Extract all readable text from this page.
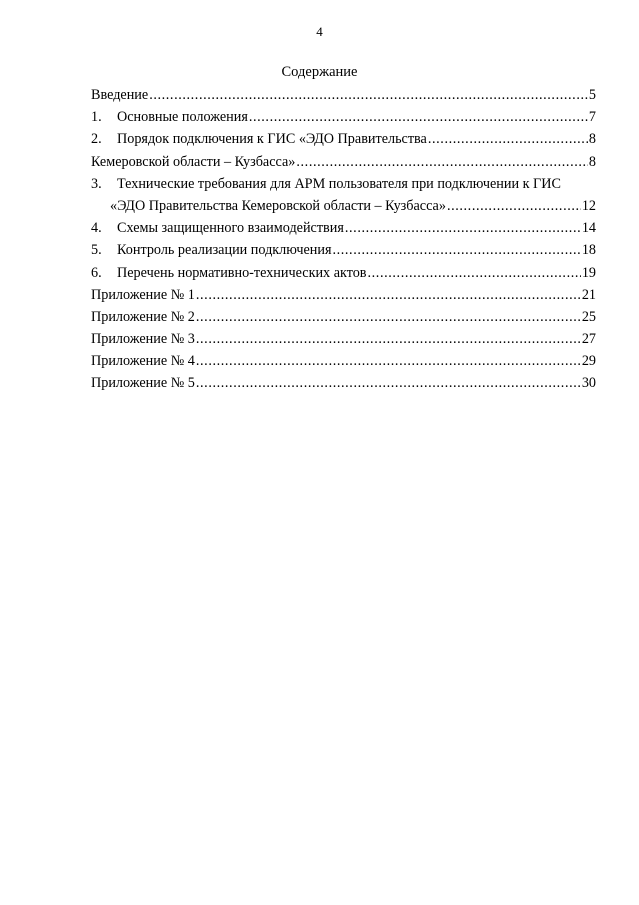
4
Содержание
Введение .....	5
1.	Основные положения .....	7
2.	Порядок подключения к ГИС «ЭДО Правительства .....	8
Кемеровской области – Кузбасса» .....	8
3.	Технические требования для АРМ пользователя при подключении к ГИС
«ЭДО Правительства Кемеровской области – Кузбасса» .....	12
4.	Схемы защищенного взаимодействия .....	14
5.	Контроль реализации подключения .....	18
6.	Перечень нормативно-технических актов .....	19
Приложение № 1 .....	21
Приложение № 2 .....	25
Приложение № 3 .....	27
Приложение № 4 .....	29
Приложение № 5 .....	30
